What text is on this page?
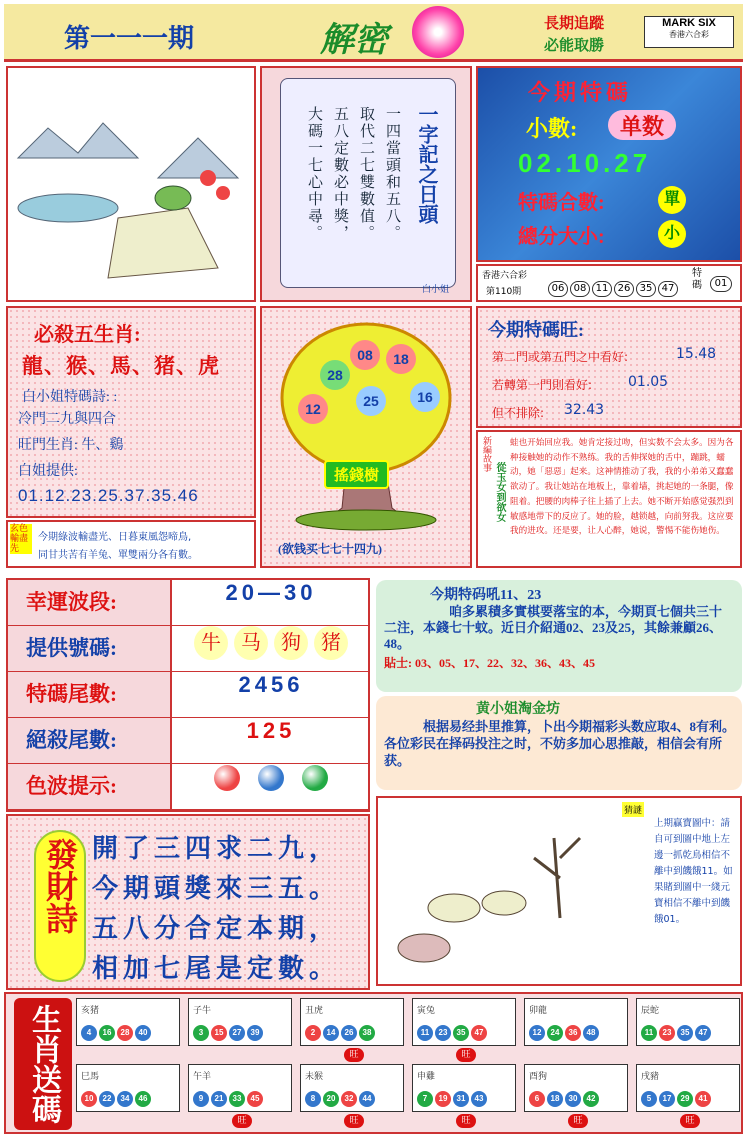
第一一一期	解密	長期追蹤
必能取勝
MARK SIX
香港六合彩
一字記之日頭
一四當頭和五八。
取代二七雙數值。
五八定數必中獎，
大碼一七心中尋。
白小姐
今期特碼
小數:	单数
02.10.27
特碼合數:	單
總分大小:	小
香港六合彩
第110期	06 08 11 26 35 47
特碼	01
必殺五生肖:
龍、猴、馬、猪、虎
白小姐特碼詩: :
冷門二九與四合
旺門生肖: 牛、鷄
白姐提供:
01.12.23.25.37.35.46
玄色輸盡先
今期綠波輸盡光、日暮東風怨啼鳥,
同甘共苦有羊兔、單雙兩分各有數。
08	18
28
25
12
16
搖錢樹
(欲钱买七七十四九)
今期特碼旺:
第二門或第五門之中看好:	15.48
若轉第一門則看好:	01.05
但不排除: 32.43
新編故事
從玉女到欲女
蛙也开始回应我。她肯定接过吻，但实数不会太多。因为各种接触她的动作不熟练。我的舌伸探她的舌中，蹦跳，蠕动，她「惡惡」起来。这神情推动了我，我的小弟弟又蠢蠢欲动了。我让她站在地板上，靠着墙，挑起她的一条腿，像阻着。把腰的肉棒子往上插了上去。她不断开始感觉强烈到敏感地带下的反应了。她的脸，越锁越，向前努我。这应要我的进攻。还是要，让人心醉，她说，警惕不能伤她伤。
幸運波段:	20—30
提供號碼:	牛 马 狗 猪
特碼尾數:	2456
絕殺尾數:	125
色波提示:
今期特码吼11、23
咱多累積多實棋要落宝的本，今期頁七個共三十二注，本錢七十蚊。近日介紹通02、23及25，其餘兼顧26、48。
貼士: 03、05、17、22、32、36、43、45
黄小姐淘金坊
根据易经卦里推算，卜出今期福彩头数应取4、8有利。各位彩民在择码投注之时，不妨多加心思推敲，相信会有所获。
發財詩 開了三四求二九，
今期頭獎來三五。
五八分合定本期，
相加七尾是定數。
猜謎
上期贏寶圖中：請自可到圖中地上左邊一抓乾鳥相信不離中到饑餓11。如果賭到圖中一綫元寶相信不離中到饑餓01。
生肖送碼	亥猪
4 16 28 40
子牛
3 15 27 39
丑虎
2 14 26 38
旺
寅兔
11 23 35 47
旺
卯龍
12 24 36 48
辰蛇
11 23 35 47
巳馬
10 22 34 46
午羊
9 21 33 45
旺
未猴
8 20 32 44
旺
申雞
7 19 31 43
旺
酉狗
6 18 30 42
旺
戌豬
5 17 29 41
旺
